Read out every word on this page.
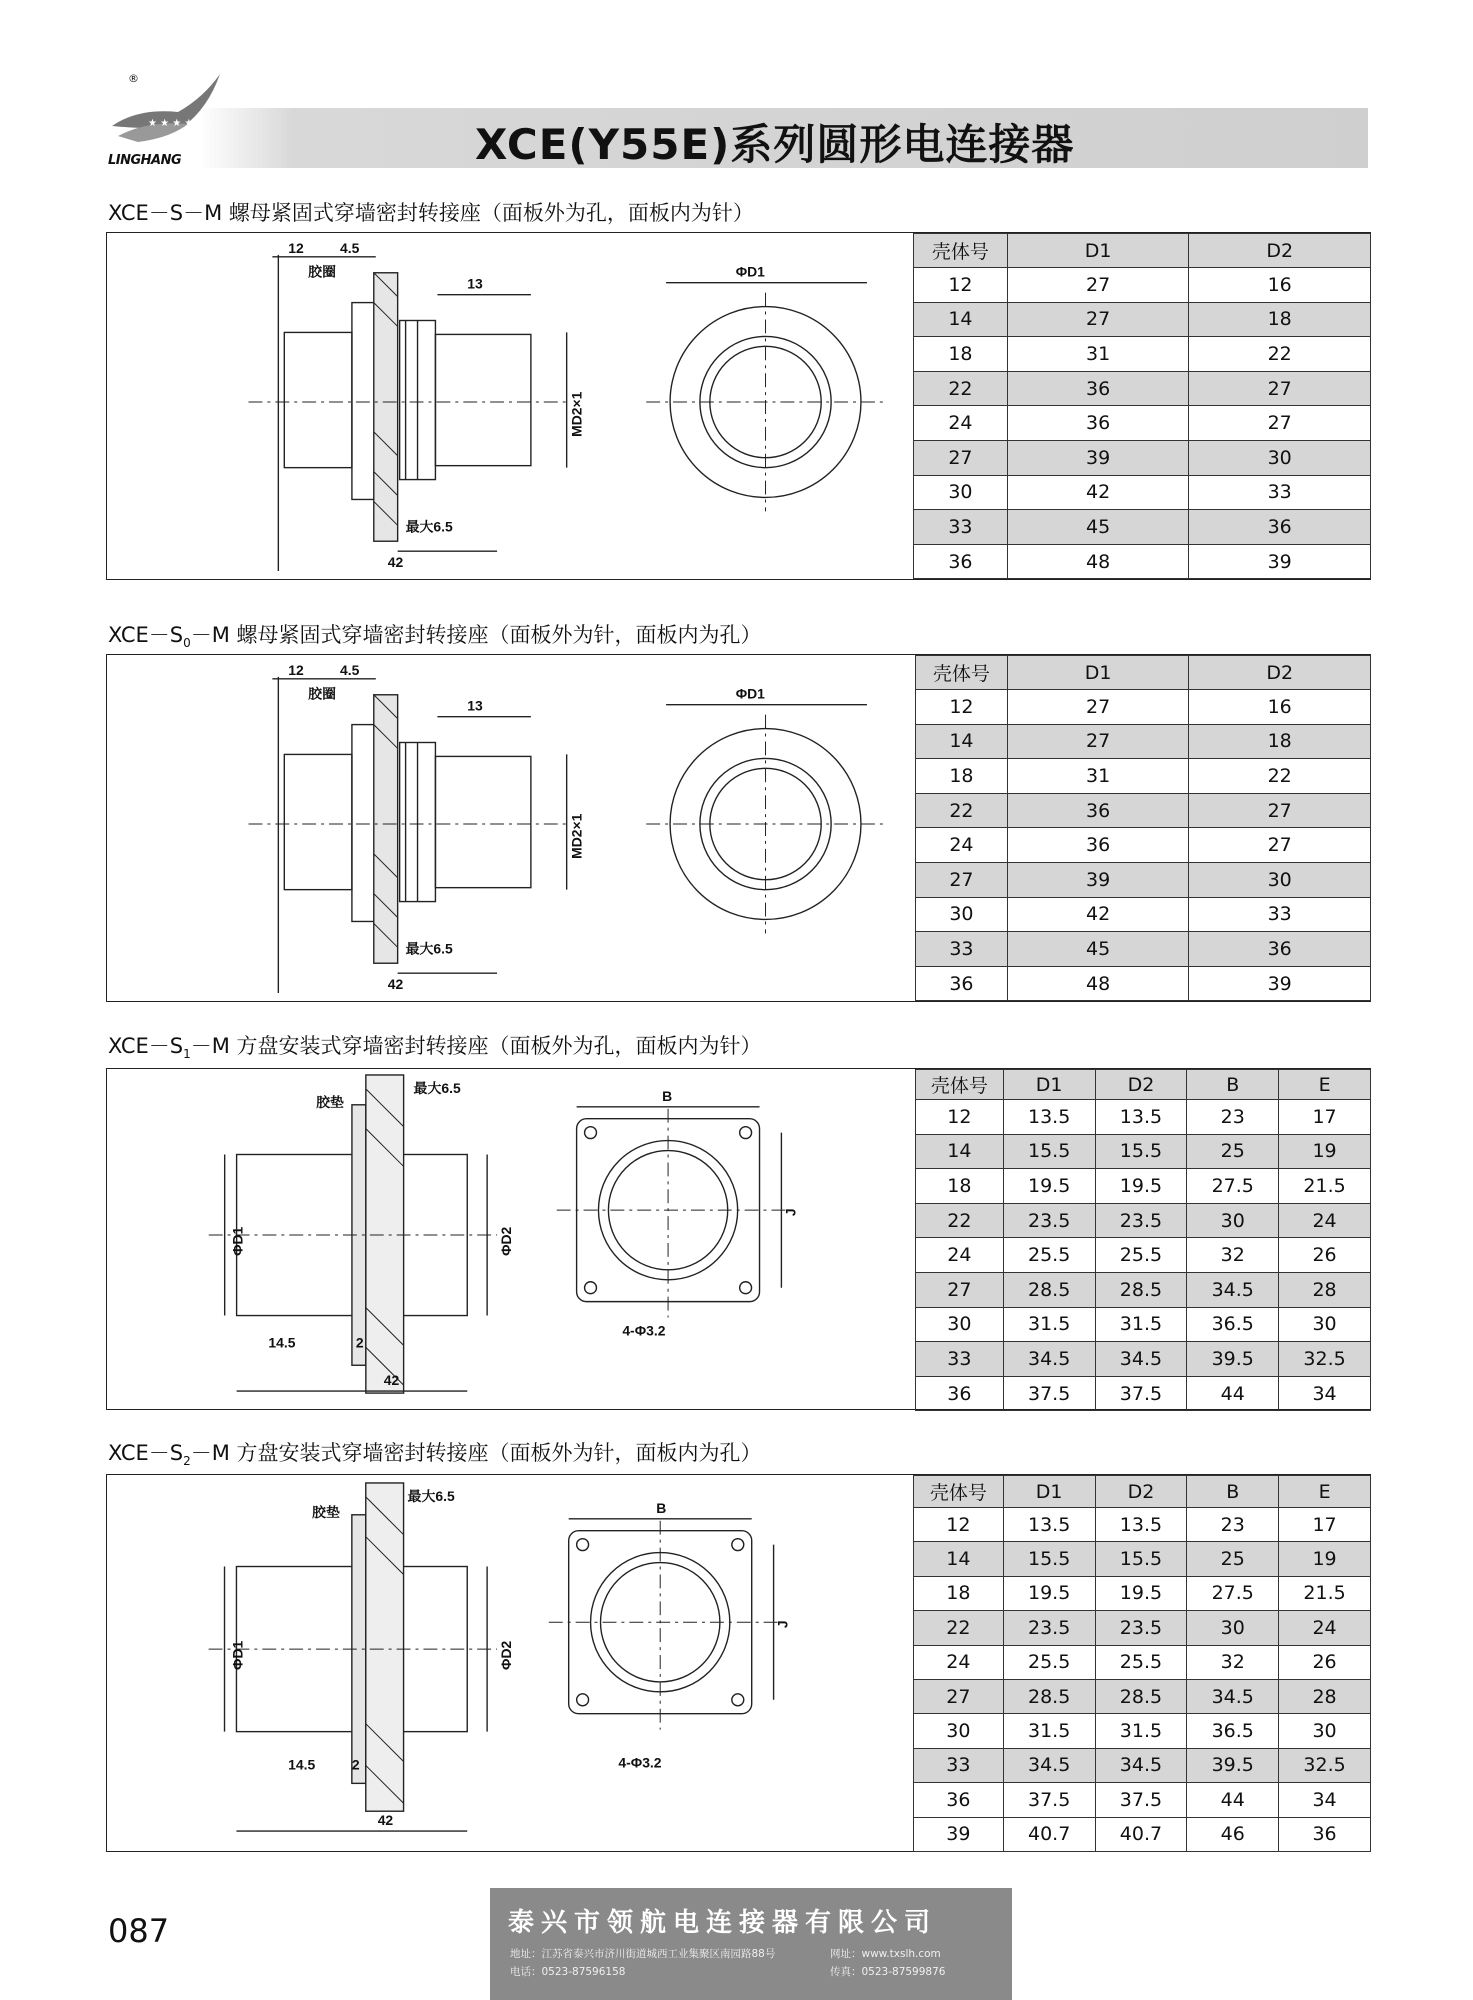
★ ★ ★ ★
LINGHANG
®
XCE(Y55E)系列圆形电连接器
XCE－S－M 螺母紧固式穿墙密封转接座（面板外为孔，面板内为针）
12	4.5
胶圈
13
MD2×1
最大6.5
42
ΦD1
壳体号	D1	D2
12	27	16
14	27	18
18	31	22
22	36	27
24	36	27
27	39	30
30	42	33
33	45	36
36	48	39
$XCE-S_0-M$ 螺母紧固式穿墙密封转接座（面板外为针，面板内为孔）
12	4.5
胶圈
13
MD2×1
最大6.5
42
ΦD1
壳体号	D1	D2
12	27	16
14	27	18
18	31	22
22	36	27
24	36	27
27	39	30
30	42	33
33	45	36
36	48	39
$XCE-S_1-M$ 方盘安装式穿墙密封转接座（面板外为孔，面板内为针）
胶垫
最大6.5
ΦD1	ΦD2
14.5	2
42
B
J
4-Φ3.2
壳体号	D1	D2	B	E
12	13.5	13.5	23	17
14	15.5	15.5	25	19
18	19.5	19.5	27.5	21.5
22	23.5	23.5	30	24
24	25.5	25.5	32	26
27	28.5	28.5	34.5	28
30	31.5	31.5	36.5	30
33	34.5	34.5	39.5	32.5
36	37.5	37.5	44	34
$XCE-S_2-M$ 方盘安装式穿墙密封转接座（面板外为针，面板内为孔）
胶垫
最大6.5
ΦD1	ΦD2
14.5	2
42
B
J
4-Φ3.2
壳体号	D1	D2	B	E
12	13.5	13.5	23	17
14	15.5	15.5	25	19
18	19.5	19.5	27.5	21.5
22	23.5	23.5	30	24
24	25.5	25.5	32	26
27	28.5	28.5	34.5	28
30	31.5	31.5	36.5	30
33	34.5	34.5	39.5	32.5
36	37.5	37.5	44	34
39	40.7	40.7	46	36
087	泰兴市领航电连接器有限公司
地址：江苏省泰兴市济川街道城西工业集聚区南园路88号	网址：www.txslh.com
电话：0523-87596158	传真：0523-87599876
